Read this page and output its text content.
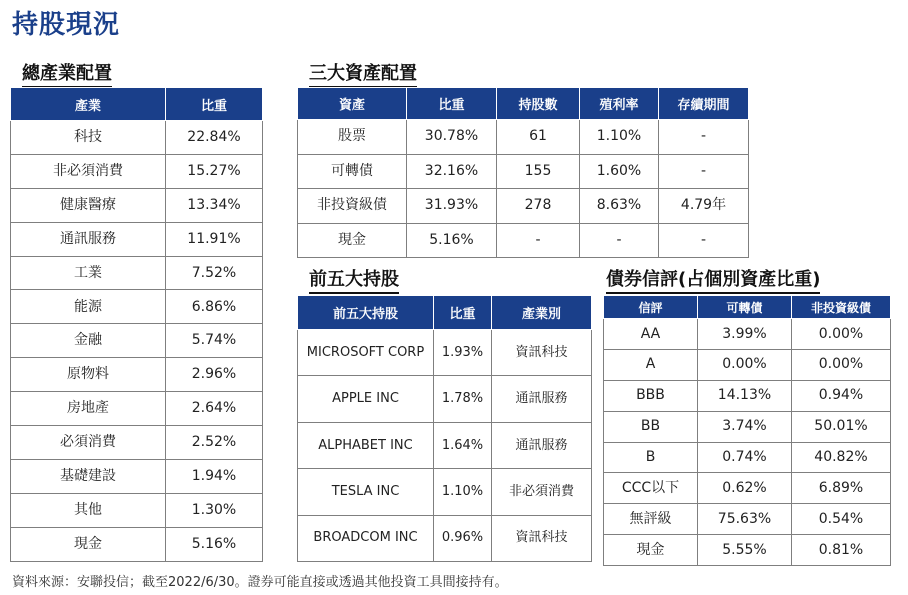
持股現況
總產業配置	三大資產配置
前五大持股	債券信評(占個別資產比重)
產業	比重
科技	22.84%
非必須消費	15.27%
健康醫療	13.34%
通訊服務	11.91%
工業	7.52%
能源	6.86%
金融	5.74%
原物料	2.96%
房地產	2.64%
必須消費	2.52%
基礎建設	1.94%
其他	1.30%
現金	5.16%
資產	比重	持股數	殖利率	存續期間
股票	30.78%	61	1.10%	-
可轉債	32.16%	155	1.60%	-
非投資級債	31.93%	278	8.63%	4.79年
現金	5.16%	-	-	-
前五大持股	比重	產業別
MICROSOFT CORP	1.93%	資訊科技
APPLE INC	1.78%	通訊服務
ALPHABET INC	1.64%	通訊服務
TESLA INC	1.10%	非必須消費
BROADCOM INC	0.96%	資訊科技
信評	可轉債	非投資級債
AA	3.99%	0.00%
A	0.00%	0.00%
BBB	14.13%	0.94%
BB	3.74%	50.01%
B	0.74%	40.82%
CCC以下	0.62%	6.89%
無評級	75.63%	0.54%
現金	5.55%	0.81%
資料來源：安聯投信；截至2022/6/30。證券可能直接或透過其他投資工具間接持有。
